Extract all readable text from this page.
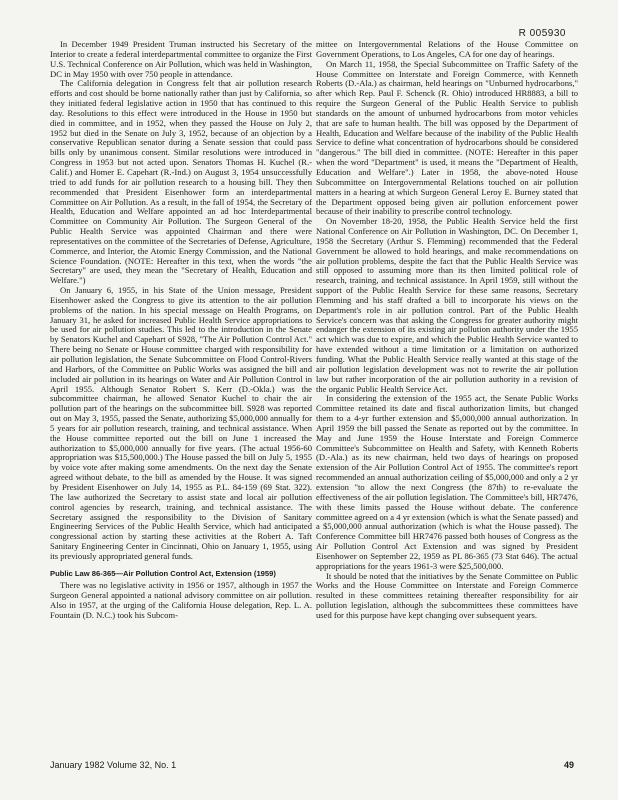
R 005930

In December 1949 President Truman instructed his Secretary of the Interior to create a federal interdepartmental committee to organize the First U.S. Technical Conference on Air Pollution, which was held in Washington, DC in May 1950 with over 750 people in attendance.

The California delegation in Congress felt that air pollution research efforts and cost should be borne nationally rather than just by California, so they initiated federal legislative action in 1950 that has continued to this day. Resolutions to this effect were introduced in the House in 1950 but died in committee, and in 1952, when they passed the House on July 2, 1952 but died in the Senate on July 3, 1952, because of an objection by a conservative Republican senator during a Senate session that could pass bills only by unanimous consent. Similar resolutions were introduced in Congress in 1953 but not acted upon. Senators Thomas H. Kuchel (R.-Calif.) and Homer E. Capehart (R.-Ind.) on August 3, 1954 unsuccessfully tried to add funds for air pollution research to a housing bill. They then recommended that President Eisenhower form an interdepartmental Committee on Air Pollution. As a result, in the fall of 1954, the Secretary of Health, Education and Welfare appointed an ad hoc Interdepartmental Committee on Community Air Pollution. The Surgeon General of the Public Health Service was appointed Chairman and there were representatives on the committee of the Secretaries of Defense, Agriculture, Commerce, and Interior, the Atomic Energy Commission, and the National Science Foundation. (NOTE: Hereafter in this text, when the words "the Secretary" are used, they mean the "Secretary of Health, Education and Welfare.")

On January 6, 1955, in his State of the Union message, President Eisenhower asked the Congress to give its attention to the air pollution problems of the nation. In his special message on Health Programs, on January 31, he asked for increased Public Health Service appropriations to be used for air pollution studies. This led to the introduction in the Senate by Senators Kuchel and Capehart of S928, "The Air Pollution Control Act." There being no Senate or House committee charged with responsibility for air pollution legislation, the Senate Subcommittee on Flood Control-Rivers and Harbors, of the Committee on Public Works was assigned the bill and included air pollution in its hearings on Water and Air Pollution Control in April 1955. Although Senator Robert S. Kerr (D.-Okla.) was the subcommittee chairman, he allowed Senator Kuchel to chair the air pollution part of the hearings on the subcommittee bill. S928 was reported out on May 3, 1955, passed the Senate, authorizing $5,000,000 annually for 5 years for air pollution research, training, and technical assistance. When the House committee reported out the bill on June 1 increased the authorization to $5,000,000 annually for five years. (The actual 1956-60 appropriation was $15,500,000.) The House passed the bill on July 5, 1955 by voice vote after making some amendments. On the next day the Senate agreed without debate, to the bill as amended by the House. It was signed by President Eisenhower on July 14, 1955 as P.L. 84-159 (69 Stat. 322). The law authorized the Secretary to assist state and local air pollution control agencies by research, training, and technical assistance. The Secretary assigned the responsibility to the Division of Sanitary Engineering Services of the Public Health Service, which had anticipated congressional action by starting these activities at the Robert A. Taft Sanitary Engineering Center in Cincinnati, Ohio on January 1, 1955, using its previously appropriated general funds.

Public Law 86-365—Air Pollution Control Act, Extension (1959)

There was no legislative activity in 1956 or 1957, although in 1957 the Surgeon General appointed a national advisory committee on air pollution. Also in 1957, at the urging of the California House delegation, Rep. L. A. Fountain (D. N.C.) took his Subcom-

mittee on Intergovernmental Relations of the House Committee on Government Operations, to Los Angeles, CA for one day of hearings.

On March 11, 1958, the Special Subcommittee on Traffic Safety of the House Committee on Interstate and Foreign Commerce, with Kenneth Roberts (D.-Ala.) as chairman, held hearings on "Unburned hydrocarbons," after which Rep. Paul F. Schenck (R. Ohio) introduced HR8883, a bill to require the Surgeon General of the Public Health Service to publish standards on the amount of unburned hydrocarbons from motor vehicles that are safe to human health. The bill was opposed by the Department of Health, Education and Welfare because of the inability of the Public Health Service to define what concentration of hydrocarbons should be considered "dangerous." The bill died in committee. (NOTE: Hereafter in this paper when the word "Department" is used, it means the "Department of Health, Education and Welfare".) Later in 1958, the above-noted House Subcommittee on Intergovernmental Relations touched on air pollution matters in a hearing at which Surgeon General Leroy E. Burney stated that the Department opposed being given air pollution enforcement power because of their inability to prescribe control technology.

On November 18-20, 1958, the Public Health Service held the first National Conference on Air Pollution in Washington, DC. On December 1, 1958 the Secretary (Arthur S. Flemming) recommended that the Federal Government be allowed to hold hearings, and make recommendations on air pollution problems, despite the fact that the Public Health Service was still opposed to assuming more than its then limited political role of research, training, and technical assistance. In April 1959, still without the support of the Public Health Service for these same reasons, Secretary Flemming and his staff drafted a bill to incorporate his views on the Department's role in air pollution control. Part of the Public Health Service's concern was that asking the Congress for greater authority might endanger the extension of its existing air pollution authority under the 1955 act which was due to expire, and which the Public Health Service wanted to have extended without a time limitation or a limitation on authorized funding. What the Public Health Service really wanted at this stage of the air pollution legislation development was not to rewrite the air pollution law but rather incorporation of the air pollution authority in a revision of the organic Public Health Service Act.

In considering the extension of the 1955 act, the Senate Public Works Committee retained its date and fiscal authorization limits, but changed them to a 4-yr further extension and $5,000,000 annual authorization. In April 1959 the bill passed the Senate as reported out by the committee. In May and June 1959 the House Interstate and Foreign Commerce Committee's Subcommittee on Health and Safety, with Kenneth Roberts (D.-Ala.) as its new chairman, held two days of hearings on proposed extension of the Air Pollution Control Act of 1955. The committee's report recommended an annual authorization ceiling of $5,000,000 and only a 2 yr extension "to allow the next Congress (the 87th) to re-evaluate the effectiveness of the air pollution legislation. The Committee's bill, HR7476, with these limits passed the House without debate. The conference committee agreed on a 4 yr extension (which is what the Senate passed) and a $5,000,000 annual authorization (which is what the House passed). The Conference Committee bill HR7476 passed both houses of Congress as the Air Pollution Control Act Extension and was signed by President Eisenhower on September 22, 1959 as PL 86-365 (73 Stat 646). The actual appropriations for the years 1961-3 were $25,500,000.

It should be noted that the initiatives by the Senate Committee on Public Works and the House Committee on Interstate and Foreign Commerce resulted in these committees retaining thereafter responsibility for air pollution legislation, although the subcommittees these committees have used for this purpose have kept changing over subsequent years.

January 1982 Volume 32, No. 1	49
